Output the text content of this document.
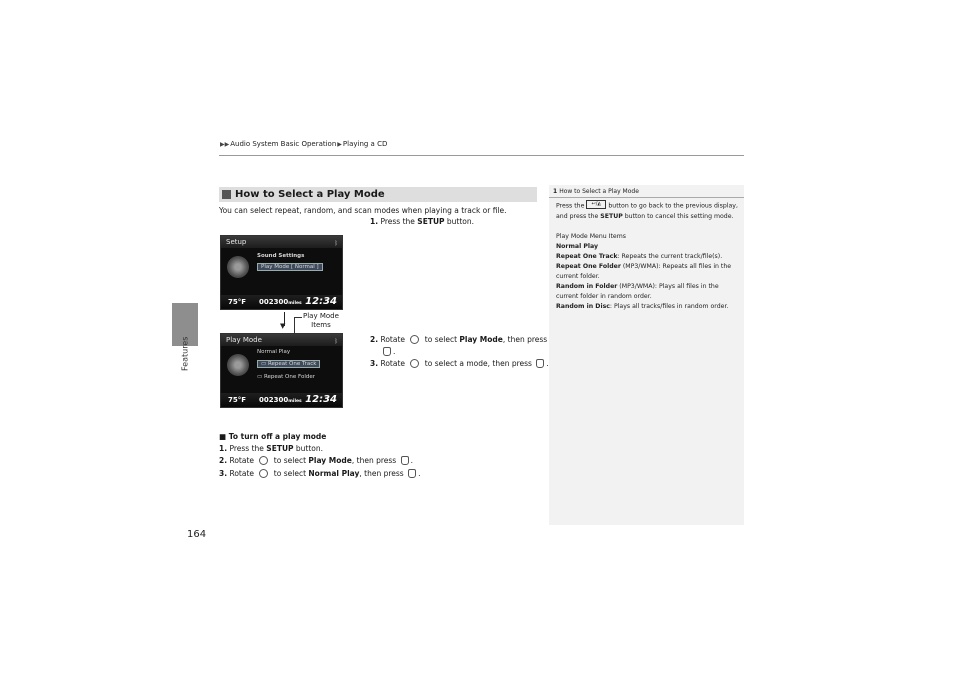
Features
▶▶Audio System Basic Operation▶Playing a CD
How to Select a Play Mode
You can select repeat, random, and scan modes when playing a track or file.
1. Press the SETUP button.
2. Rotate  to select Play Mode, then press
.
3. Rotate  to select a mode, then press .
Setup	ᛒ
Sound Settings
Play Mode [ Normal ]
75°F 002300miles 12:34
▼
Play Mode
Items
Play Mode	ᛒ
Normal Play
▭ Repeat One Track
▭ Repeat One Folder
75°F 002300miles 12:34
■ To turn off a play mode
1. Press the SETUP button.
2. Rotate  to select Play Mode, then press .
3. Rotate  to select Normal Play, then press .
1 How to Select a Play Mode

Press the ↩/◭ button to go back to the previous display, and press the SETUP button to cancel this setting mode.

Play Mode Menu Items
Normal Play
Repeat One Track: Repeats the current track/file(s).
Repeat One Folder (MP3/WMA): Repeats all files in the current folder.
Random in Folder (MP3/WMA): Plays all files in the current folder in random order.
Random in Disc: Plays all tracks/files in random order.
164
